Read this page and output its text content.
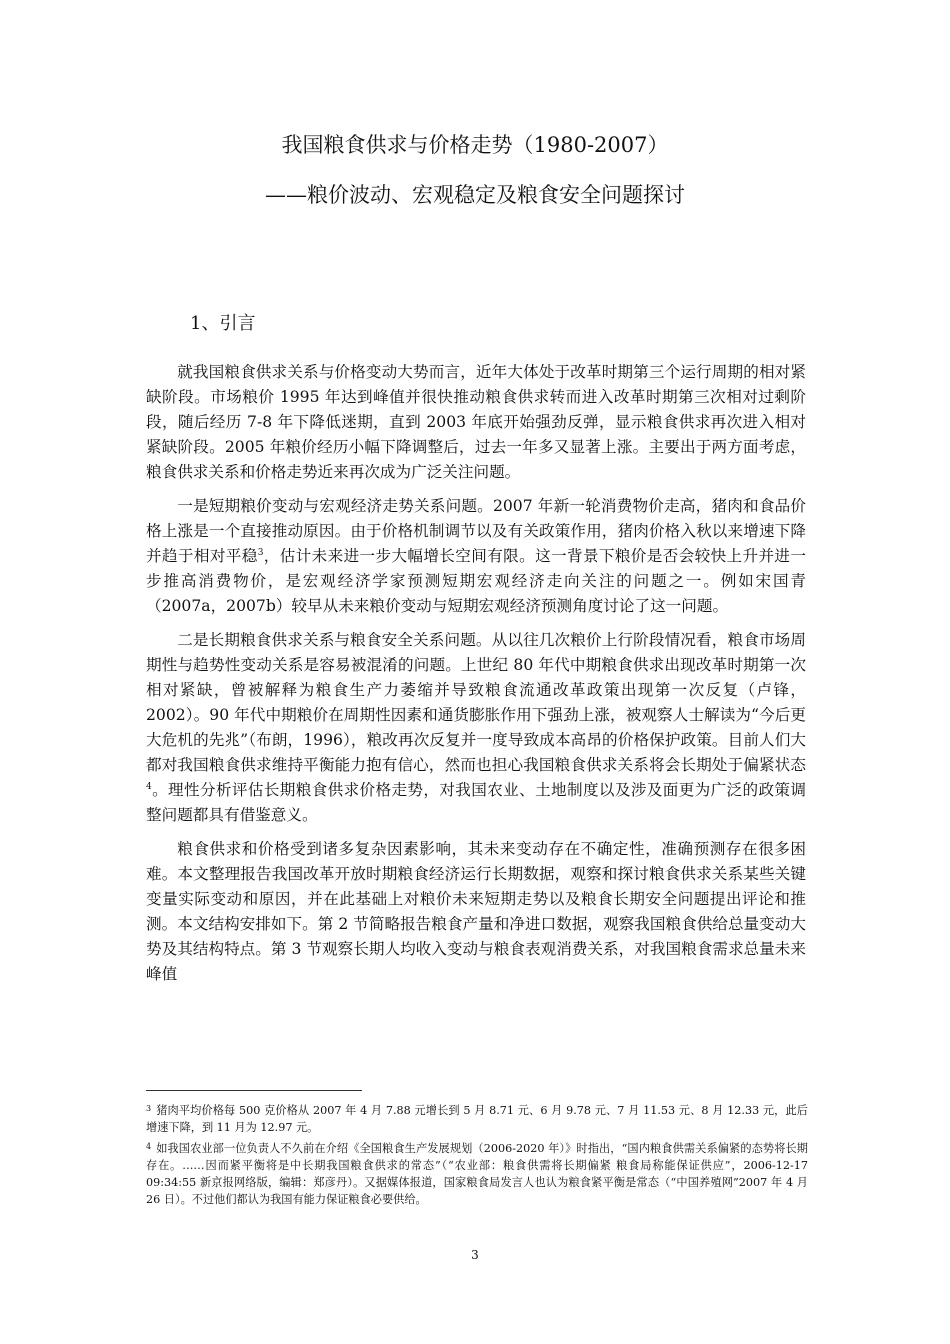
我国粮食供求与价格走势（1980-2007）
——粮价波动、宏观稳定及粮食安全问题探讨
1、引言

就我国粮食供求关系与价格变动大势而言，近年大体处于改革时期第三个运行周期的相对紧缺阶段。市场粮价 1995 年达到峰值并很快推动粮食供求转而进入改革时期第三次相对过剩阶段，随后经历 7-8 年下降低迷期，直到 2003 年底开始强劲反弹，显示粮食供求再次进入相对紧缺阶段。2005 年粮价经历小幅下降调整后，过去一年多又显著上涨。主要出于两方面考虑，粮食供求关系和价格走势近来再次成为广泛关注问题。

一是短期粮价变动与宏观经济走势关系问题。2007 年新一轮消费物价走高，猪肉和食品价格上涨是一个直接推动原因。由于价格机制调节以及有关政策作用，猪肉价格入秋以来增速下降并趋于相对平稳$^3$，估计未来进一步大幅增长空间有限。这一背景下粮价是否会较快上升并进一步推高消费物价，是宏观经济学家预测短期宏观经济走向关注的问题之一。例如宋国青（2007a，2007b）较早从未来粮价变动与短期宏观经济预测角度讨论了这一问题。

二是长期粮食供求关系与粮食安全关系问题。从以往几次粮价上行阶段情况看，粮食市场周期性与趋势性变动关系是容易被混淆的问题。上世纪 80 年代中期粮食供求出现改革时期第一次相对紧缺，曾被解释为粮食生产力萎缩并导致粮食流通改革政策出现第一次反复（卢锋，2002）。90 年代中期粮价在周期性因素和通货膨胀作用下强劲上涨，被观察人士解读为“今后更大危机的先兆”（布朗，1996），粮改再次反复并一度导致成本高昂的价格保护政策。目前人们大都对我国粮食供求维持平衡能力抱有信心，然而也担心我国粮食供求关系将会长期处于偏紧状态$^4$。理性分析评估长期粮食供求价格走势，对我国农业、土地制度以及涉及面更为广泛的政策调整问题都具有借鉴意义。

粮食供求和价格受到诸多复杂因素影响，其未来变动存在不确定性，准确预测存在很多困难。本文整理报告我国改革开放时期粮食经济运行长期数据，观察和探讨粮食供求关系某些关键变量实际变动和原因，并在此基础上对粮价未来短期走势以及粮食长期安全问题提出评论和推测。本文结构安排如下。第 2 节简略报告粮食产量和净进口数据，观察我国粮食供给总量变动大势及其结构特点。第 3 节观察长期人均收入变动与粮食表观消费关系，对我国粮食需求总量未来峰值

$^3$ 猪肉平均价格每 500 克价格从 2007 年 4 月 7.88 元增长到 5 月 8.71 元、6 月 9.78 元、7 月 11.53 元、8 月 12.33 元，此后增速下降，到 11 月为 12.97 元。

$^4$ 如我国农业部一位负责人不久前在介绍《全国粮食生产发展规划（2006-2020 年）》时指出，“国内粮食供需关系偏紧的态势将长期存在。……因而紧平衡将是中长期我国粮食供求的常态”（“农业部：粮食供需将长期偏紧 粮食局称能保证供应”，2006-12-17 09:34:55 新京报网络版，编辑：郑彦丹）。又据媒体报道，国家粮食局发言人也认为粮食紧平衡是常态（“中国养殖网”2007 年 4 月 26 日）。不过他们都认为我国有能力保证粮食必要供给。

3
